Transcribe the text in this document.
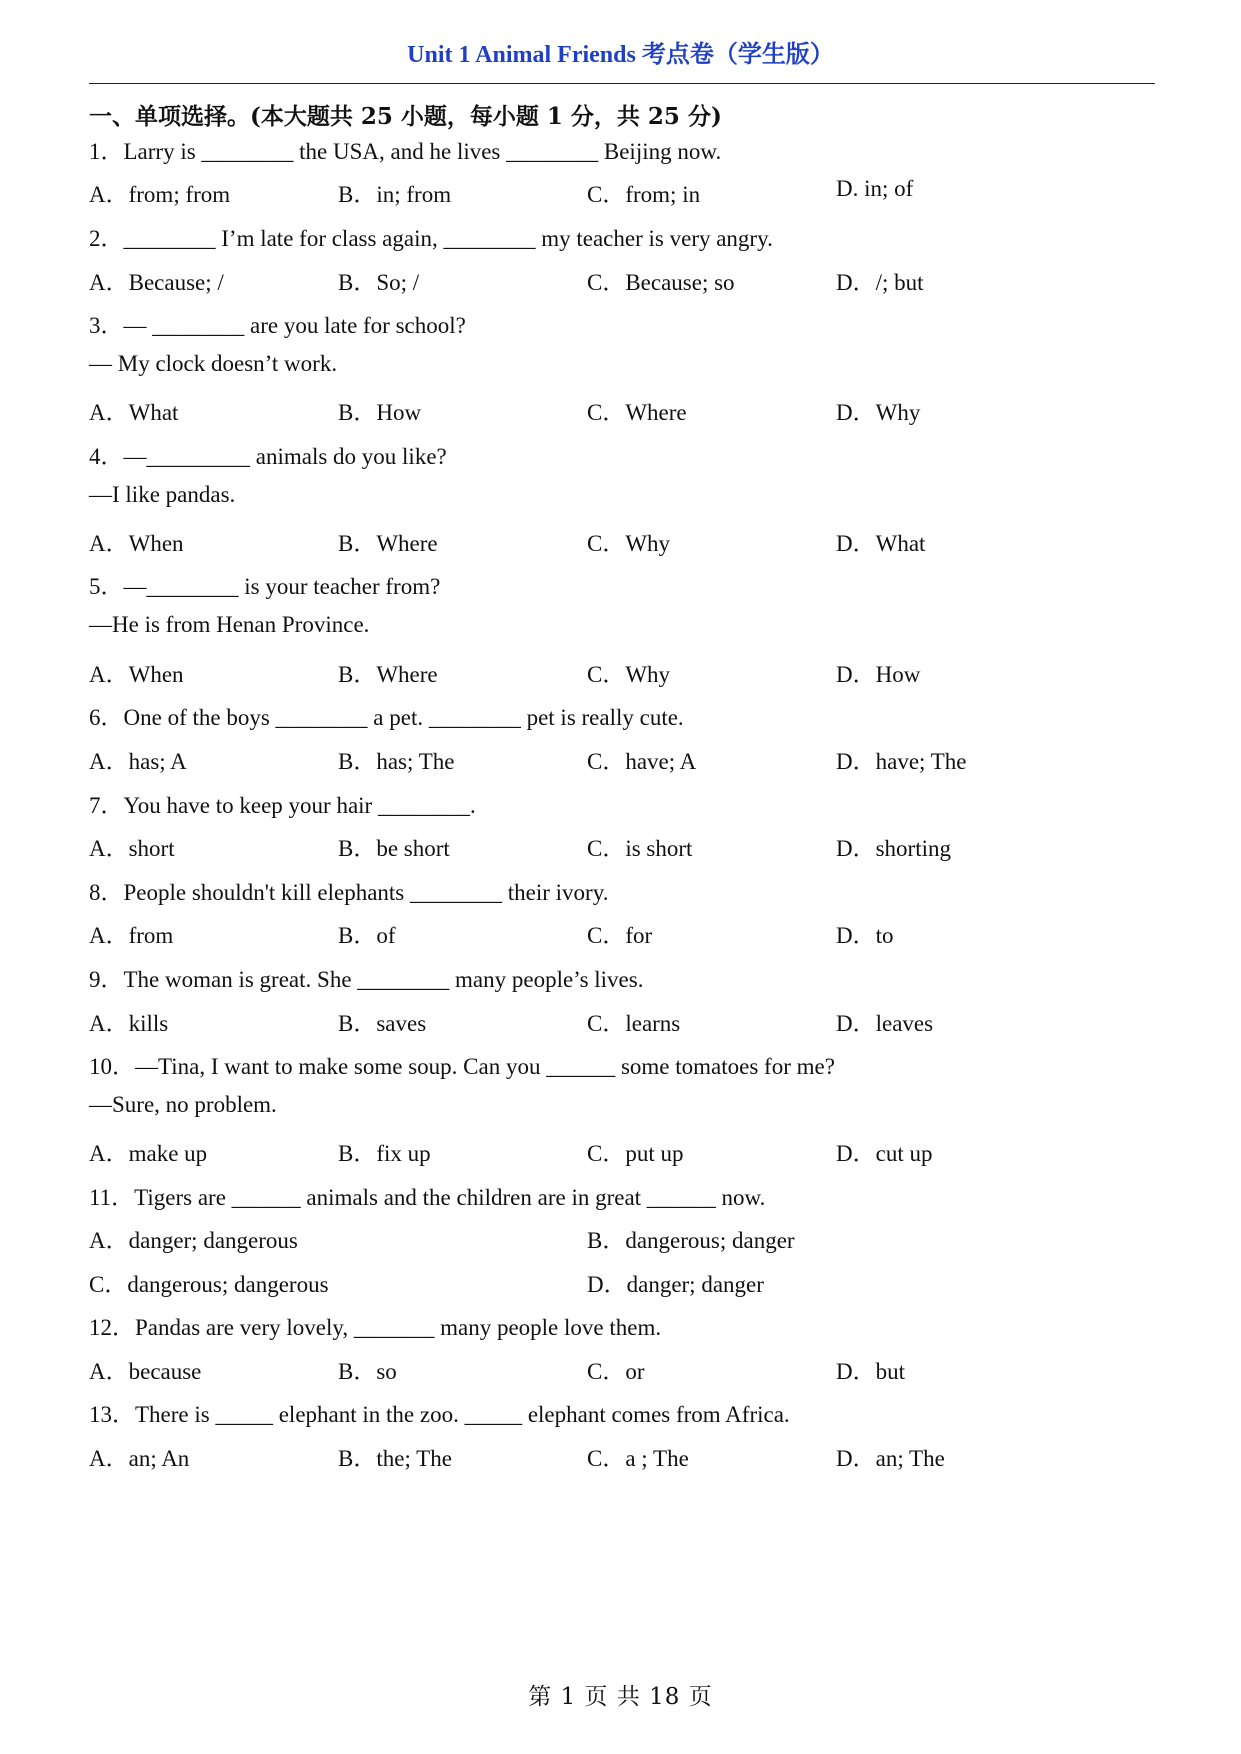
Unit 1 Animal Friends 考点卷（学生版）
一、单项选择。(本大题共 25 小题，每小题 1 分，共 25 分)
1．Larry is ________ the USA, and he lives ________ Beijing now.
A．from; from	B．in; from	C．from; in	D. in; of
2．________ I’m late for class again, ________ my teacher is very angry.
A．Because; /	B．So; /	C．Because; so	D．/; but
3．— ________ are you late for school?
— My clock doesn’t work.
A．What	B．How	C．Where	D．Why
4．—_________ animals do you like?
—I like pandas.
A．When	B．Where	C．Why	D．What
5．—________ is your teacher from?
—He is from Henan Province.
A．When	B．Where	C．Why	D．How
6．One of the boys ________ a pet. ________ pet is really cute.
A．has; A	B．has; The	C．have; A	D．have; The
7．You have to keep your hair ________.
A．short	B．be short	C．is short	D．shorting
8．People shouldn't kill elephants ________ their ivory.
A．from	B．of	C．for	D．to
9．The woman is great. She ________ many people’s lives.
A．kills	B．saves	C．learns	D．leaves
10．—Tina, I want to make some soup. Can you ______ some tomatoes for me?
—Sure, no problem.
A．make up	B．fix up	C．put up	D．cut up
11．Tigers are ______ animals and the children are in great ______ now.
A．danger; dangerous	B．dangerous; danger
C．dangerous; dangerous	D．danger; danger
12．Pandas are very lovely, _______ many people love them.
A．because	B．so	C．or	D．but
13．There is _____ elephant in the zoo. _____ elephant comes from Africa.
A．an; An	B．the; The	C．a ; The	D．an; The
第 1 页 共 18 页
